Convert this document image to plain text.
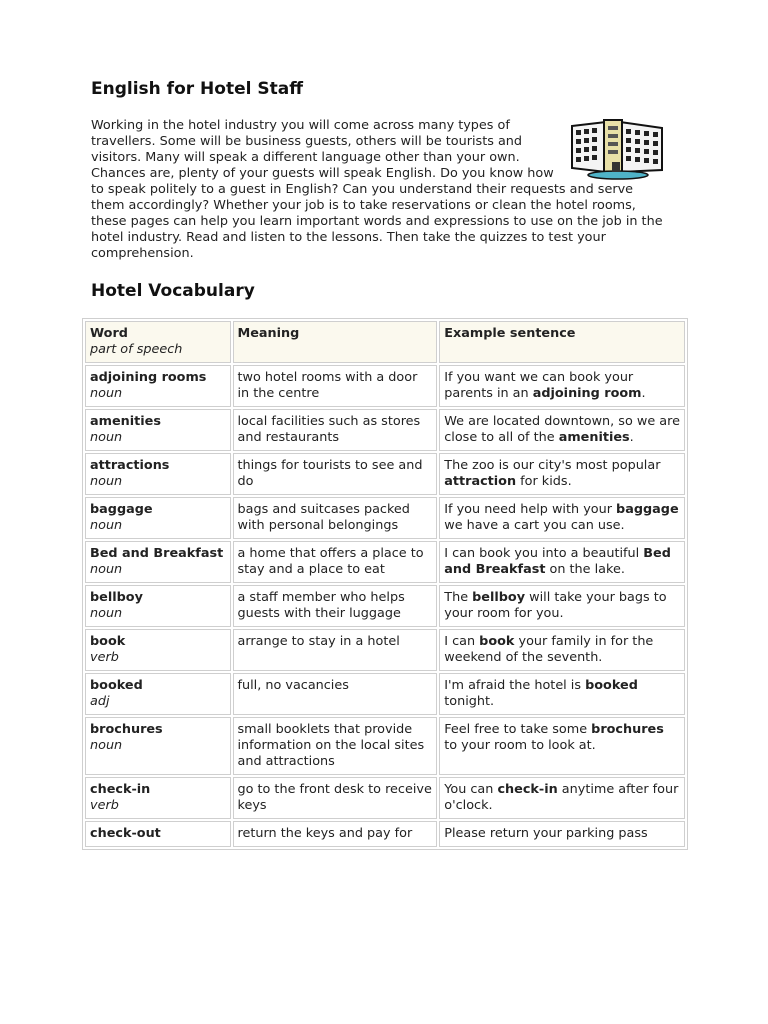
English for Hotel Staff

Working in the hotel industry you will come across many types of travellers. Some will be business guests, others will be tourists and visitors. Many will speak a different language other than your own. Chances are, plenty of your guests will speak English. Do you know how to speak politely to a guest in English? Can you understand their requests and serve them accordingly? Whether your job is to take reservations or clean the hotel rooms, these pages can help you learn important words and expressions to use on the job in the hotel industry. Read and listen to the lessons. Then take the quizzes to test your comprehension.

Hotel Vocabulary
Word
part of speech	Meaning	Example sentence

adjoining rooms
noun	two hotel rooms with a door in the centre	If you want we can book your parents in an adjoining room.

amenities
noun	local facilities such as stores and restaurants	We are located downtown, so we are close to all of the amenities.

attractions
noun	things for tourists to see and do	The zoo is our city's most popular attraction for kids.

baggage
noun	bags and suitcases packed with personal belongings	If you need help with your baggage we have a cart you can use.

Bed and Breakfast
noun	a home that offers a place to stay and a place to eat	I can book you into a beautiful Bed and Breakfast on the lake.

bellboy
noun	a staff member who helps guests with their luggage	The bellboy will take your bags to your room for you.

book
verb	arrange to stay in a hotel	I can book your family in for the weekend of the seventh.

booked
adj	full, no vacancies	I'm afraid the hotel is booked tonight.

brochures
noun	small booklets that provide information on the local sites and attractions	Feel free to take some brochures to your room to look at.

check-in
verb	go to the front desk to receive keys	You can check-in anytime after four o'clock.

check-out	return the keys and pay for	Please return your parking pass
